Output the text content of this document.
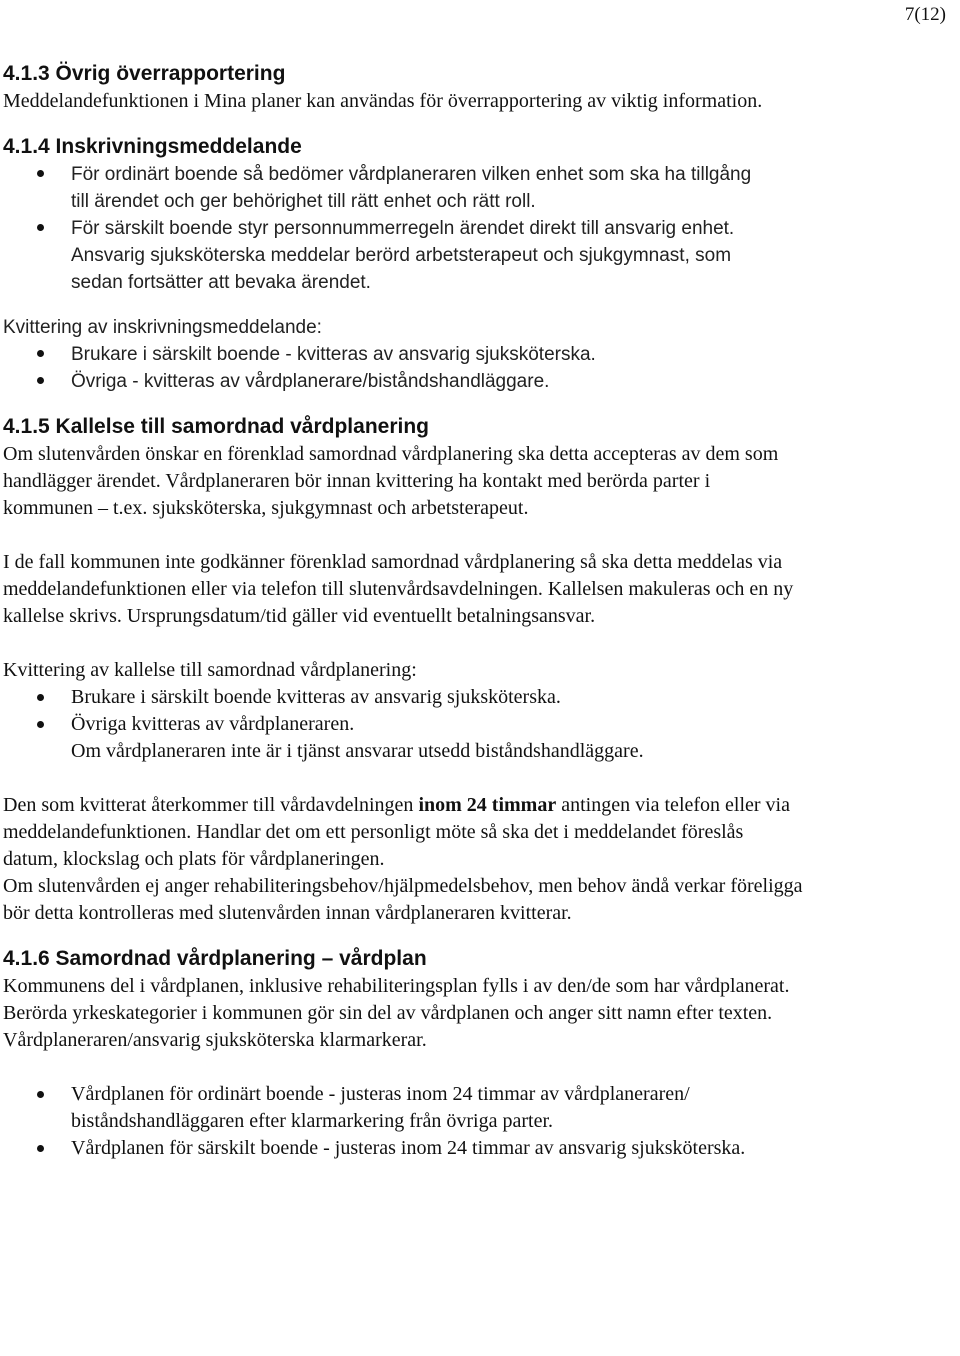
7(12)
4.1.3 Övrig överrapportering

Meddelandefunktionen i Mina planer kan användas för överrapportering av viktig information.

4.1.4 Inskrivningsmeddelande
För ordinärt boende så bedömer vårdplaneraren vilken enhet som ska ha tillgång till ärendet och ger behörighet till rätt enhet och rätt roll.
För särskilt boende styr personnummerregeln ärendet direkt till ansvarig enhet. Ansvarig sjuksköterska meddelar berörd arbetsterapeut och sjukgymnast, som sedan fortsätter att bevaka ärendet.

Kvittering av inskrivningsmeddelande:

Brukare i särskilt boende - kvitteras av ansvarig sjuksköterska.
Övriga - kvitteras av vårdplanerare/biståndshandläggare.
4.1.5 Kallelse till samordnad vårdplanering

Om slutenvården önskar en förenklad samordnad vårdplanering ska detta accepteras av dem som handlägger ärendet. Vårdplaneraren bör innan kvittering ha kontakt med berörda parter i kommunen – t.ex. sjuksköterska, sjukgymnast och arbetsterapeut.

I de fall kommunen inte godkänner förenklad samordnad vårdplanering så ska detta meddelas via meddelandefunktionen eller via telefon till slutenvårdsavdelningen. Kallelsen makuleras och en ny kallelse skrivs. Ursprungsdatum/tid gäller vid eventuellt betalningsansvar.

Kvittering av kallelse till samordnad vårdplanering:

Brukare i särskilt boende kvitteras av ansvarig sjuksköterska.
Övriga kvitteras av vårdplaneraren.
Om vårdplaneraren inte är i tjänst ansvarar utsedd biståndshandläggare.

Den som kvitterat återkommer till vårdavdelningen inom 24 timmar antingen via telefon eller via meddelandefunktionen. Handlar det om ett personligt möte så ska det i meddelandet föreslås datum, klockslag och plats för vårdplaneringen.

Om slutenvården ej anger rehabiliteringsbehov/hjälpmedelsbehov, men behov ändå verkar föreligga bör detta kontrolleras med slutenvården innan vårdplaneraren kvitterar.

4.1.6 Samordnad vårdplanering – vårdplan

Kommunens del i vårdplanen, inklusive rehabiliteringsplan fylls i av den/de som har vårdplanerat. Berörda yrkeskategorier i kommunen gör sin del av vårdplanen och anger sitt namn efter texten. Vårdplaneraren/ansvarig sjuksköterska klarmarkerar.

Vårdplanen för ordinärt boende - justeras inom 24 timmar av vårdplaneraren/ biståndshandläggaren efter klarmarkering från övriga parter.
Vårdplanen för särskilt boende - justeras inom 24 timmar av ansvarig sjuksköterska.
